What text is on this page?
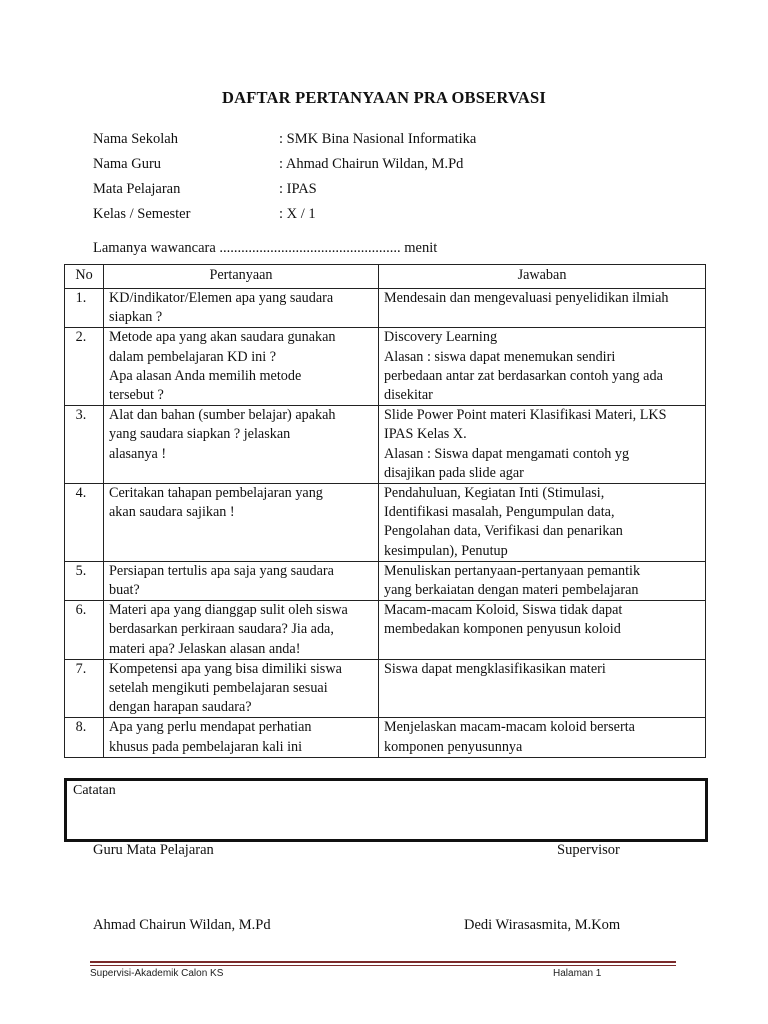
DAFTAR PERTANYAAN PRA OBSERVASI
Nama Sekolah	: SMK Bina Nasional Informatika
Nama Guru	: Ahmad Chairun Wildan, M.Pd
Mata Pelajaran	: IPAS
Kelas / Semester	: X / 1
Lamanya wawancara .................................................. menit
No	Pertanyaan	Jawaban
1.	KD/indikator/Elemen apa yang saudara
siapkan ?	Mendesain dan mengevaluasi penyelidikan ilmiah

2.	Metode apa yang akan saudara gunakan
dalam pembelajaran KD ini ?
Apa alasan Anda memilih metode
tersebut ?	Discovery Learning
Alasan : siswa dapat menemukan sendiri
perbedaan antar zat berdasarkan contoh yang ada
disekitar

3.	Alat dan bahan (sumber belajar) apakah
yang saudara siapkan ? jelaskan
alasanya !	Slide Power Point materi Klasifikasi Materi, LKS
IPAS Kelas X.
Alasan : Siswa dapat mengamati contoh yg
disajikan pada slide agar

4.	Ceritakan tahapan pembelajaran yang
akan saudara sajikan !	Pendahuluan, Kegiatan Inti (Stimulasi,
Identifikasi masalah, Pengumpulan data,
Pengolahan data, Verifikasi dan penarikan
kesimpulan), Penutup

5.	Persiapan tertulis apa saja yang saudara
buat?	Menuliskan pertanyaan-pertanyaan pemantik
yang berkaiatan dengan materi pembelajaran

6.	Materi apa yang dianggap sulit oleh siswa
berdasarkan perkiraan saudara? Jia ada,
materi apa? Jelaskan alasan anda!	Macam-macam Koloid, Siswa tidak dapat
membedakan komponen penyusun koloid

7.	Kompetensi apa yang bisa dimiliki siswa
setelah mengikuti pembelajaran sesuai
dengan harapan saudara?	Siswa dapat mengklasifikasikan materi

8.	Apa yang perlu mendapat perhatian
khusus pada pembelajaran kali ini	Menjelaskan macam-macam koloid berserta
komponen penyusunnya
Catatan
Guru Mata Pelajaran	Supervisor
Ahmad Chairun Wildan, M.Pd	Dedi Wirasasmita, M.Kom
Supervisi-Akademik Calon KS	Halaman 1
